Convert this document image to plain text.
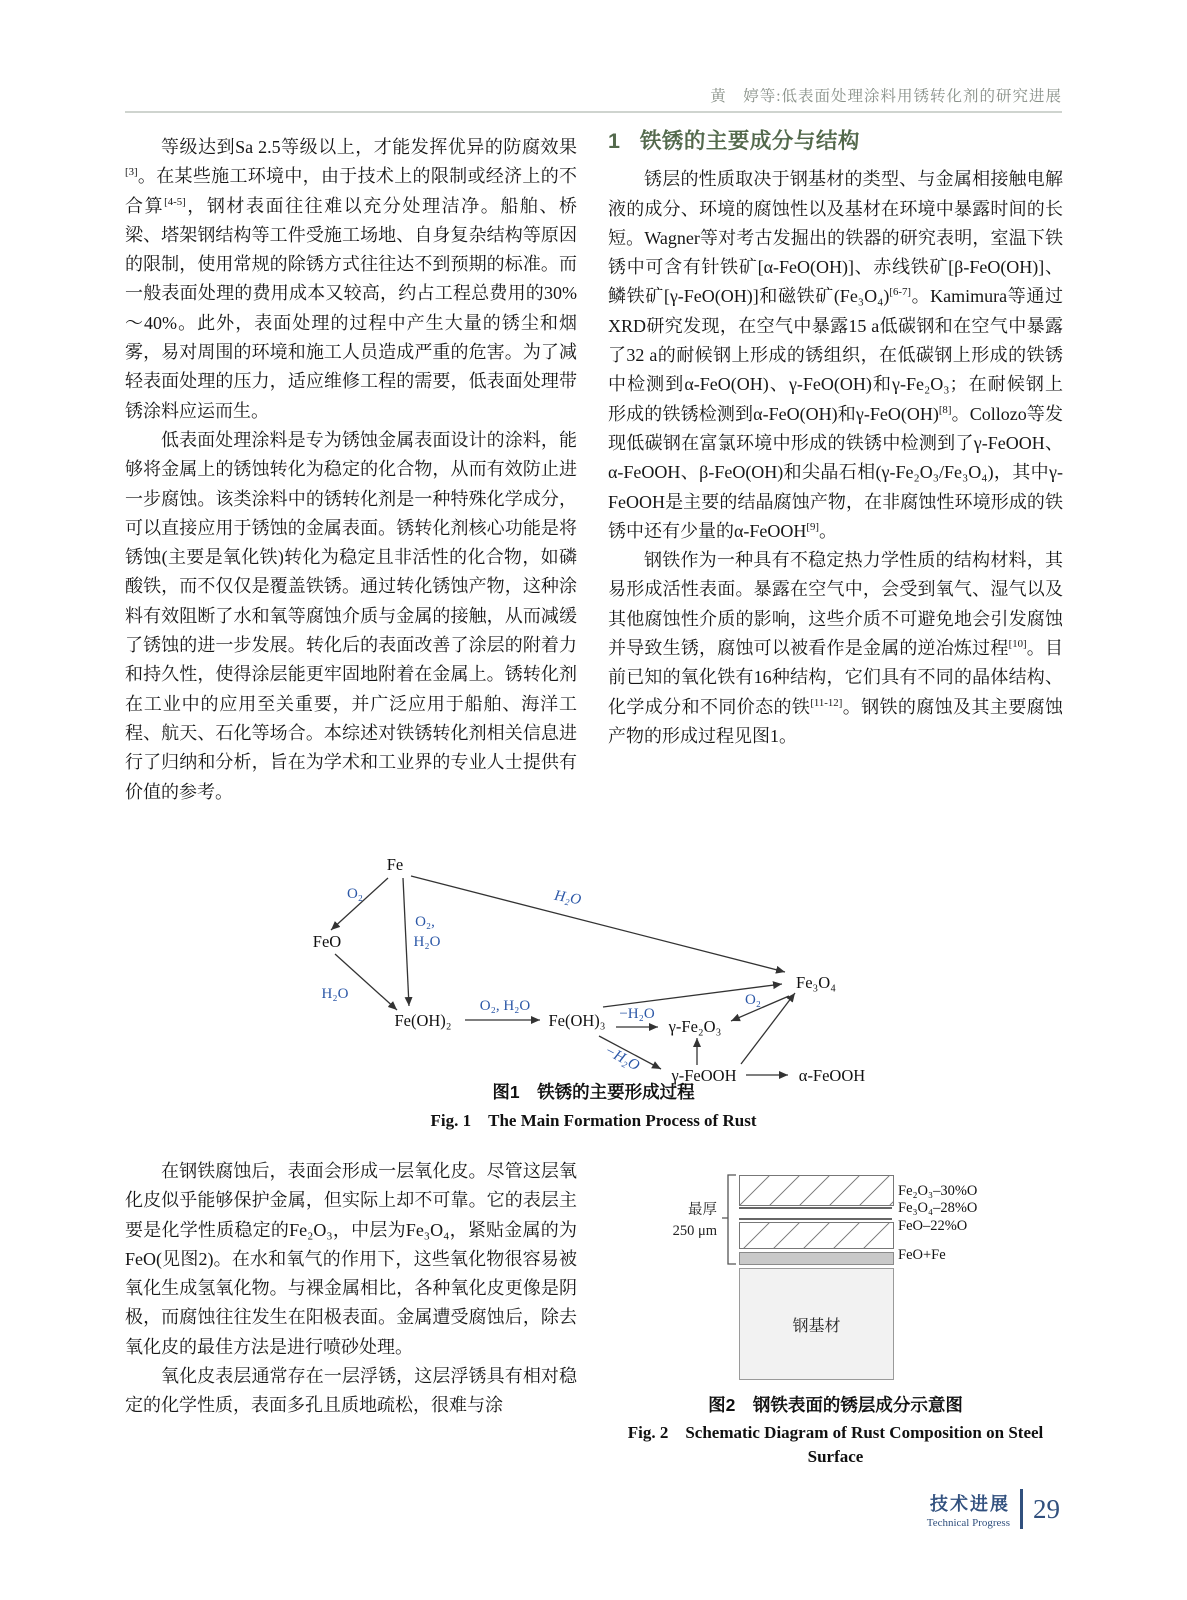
黄　婷等:低表面处理涂料用锈转化剂的研究进展

等级达到Sa 2.5等级以上，才能发挥优异的防腐效果[3]。在某些施工环境中，由于技术上的限制或经济上的不合算[4-5]，钢材表面往往难以充分处理洁净。船舶、桥梁、塔架钢结构等工件受施工场地、自身复杂结构等原因的限制，使用常规的除锈方式往往达不到预期的标准。而一般表面处理的费用成本又较高，约占工程总费用的30%～40%。此外，表面处理的过程中产生大量的锈尘和烟雾，易对周围的环境和施工人员造成严重的危害。为了减轻表面处理的压力，适应维修工程的需要，低表面处理带锈涂料应运而生。

低表面处理涂料是专为锈蚀金属表面设计的涂料，能够将金属上的锈蚀转化为稳定的化合物，从而有效防止进一步腐蚀。该类涂料中的锈转化剂是一种特殊化学成分，可以直接应用于锈蚀的金属表面。锈转化剂核心功能是将锈蚀(主要是氧化铁)转化为稳定且非活性的化合物，如磷酸铁，而不仅仅是覆盖铁锈。通过转化锈蚀产物，这种涂料有效阻断了水和氧等腐蚀介质与金属的接触，从而减缓了锈蚀的进一步发展。转化后的表面改善了涂层的附着力和持久性，使得涂层能更牢固地附着在金属上。锈转化剂在工业中的应用至关重要，并广泛应用于船舶、海洋工程、航天、石化等场合。本综述对铁锈转化剂相关信息进行了归纳和分析，旨在为学术和工业界的专业人士提供有价值的参考。

1 铁锈的主要成分与结构

锈层的性质取决于钢基材的类型、与金属相接触电解液的成分、环境的腐蚀性以及基材在环境中暴露时间的长短。Wagner等对考古发掘出的铁器的研究表明，室温下铁锈中可含有针铁矿[α-FeO(OH)]、赤线铁矿[β-FeO(OH)]、鳞铁矿[γ-FeO(OH)]和磁铁矿(Fe₃O₄)[6-7]。Kamimura等通过XRD研究发现，在空气中暴露15 a低碳钢和在空气中暴露了32 a的耐候钢上形成的锈组织，在低碳钢上形成的铁锈中检测到α-FeO(OH)、γ-FeO(OH)和γ-Fe₂O₃；在耐候钢上形成的铁锈检测到α-FeO(OH)和γ-FeO(OH)[8]。Collozo等发现低碳钢在富氯环境中形成的铁锈中检测到了γ-FeOOH、α-FeOOH、β-FeO(OH)和尖晶石相(γ-Fe₂O₃/Fe₃O₄)，其中γ-FeOOH是主要的结晶腐蚀产物，在非腐蚀性环境形成的铁锈中还有少量的α-FeOOH[9]。

钢铁作为一种具有不稳定热力学性质的结构材料，其易形成活性表面。暴露在空气中，会受到氧气、湿气以及其他腐蚀性介质的影响，这些介质不可避免地会引发腐蚀并导致生锈，腐蚀可以被看作是金属的逆冶炼过程[10]。目前已知的氧化铁有16种结构，它们具有不同的晶体结构、化学成分和不同价态的铁[11-12]。钢铁的腐蚀及其主要腐蚀产物的形成过程见图1。

Fe
FeO
Fe(OH)₂	Fe(OH)₃	γ-Fe₂O₃
Fe₃O₄
γ-FeOOH	α-FeOOH
O₂
O₂,
H₂O
H₂O
H₂O
O₂, H₂O	−H₂O
O₂
−H₂O
图1　铁锈的主要形成过程
Fig. 1　The Main Formation Process of Rust

在钢铁腐蚀后，表面会形成一层氧化皮。尽管这层氧化皮似乎能够保护金属，但实际上却不可靠。它的表层主要是化学性质稳定的Fe₂O₃，中层为Fe₃O₄，紧贴金属的为FeO(见图2)。在水和氧气的作用下，这些氧化物很容易被氧化生成氢氧化物。与裸金属相比，各种氧化皮更像是阴极，而腐蚀往往发生在阳极表面。金属遭受腐蚀后，除去氧化皮的最佳方法是进行喷砂处理。

氧化皮表层通常存在一层浮锈，这层浮锈具有相对稳定的化学性质，表面多孔且质地疏松，很难与涂

最厚
250 μm
钢基材
Fe₂O₃–30%O
Fe₃O₄–28%O
FeO–22%O
FeO+Fe
图2　钢铁表面的锈层成分示意图
Fig. 2　Schematic Diagram of Rust Composition on Steel
Surface
技术进展
Technical Progress 29
